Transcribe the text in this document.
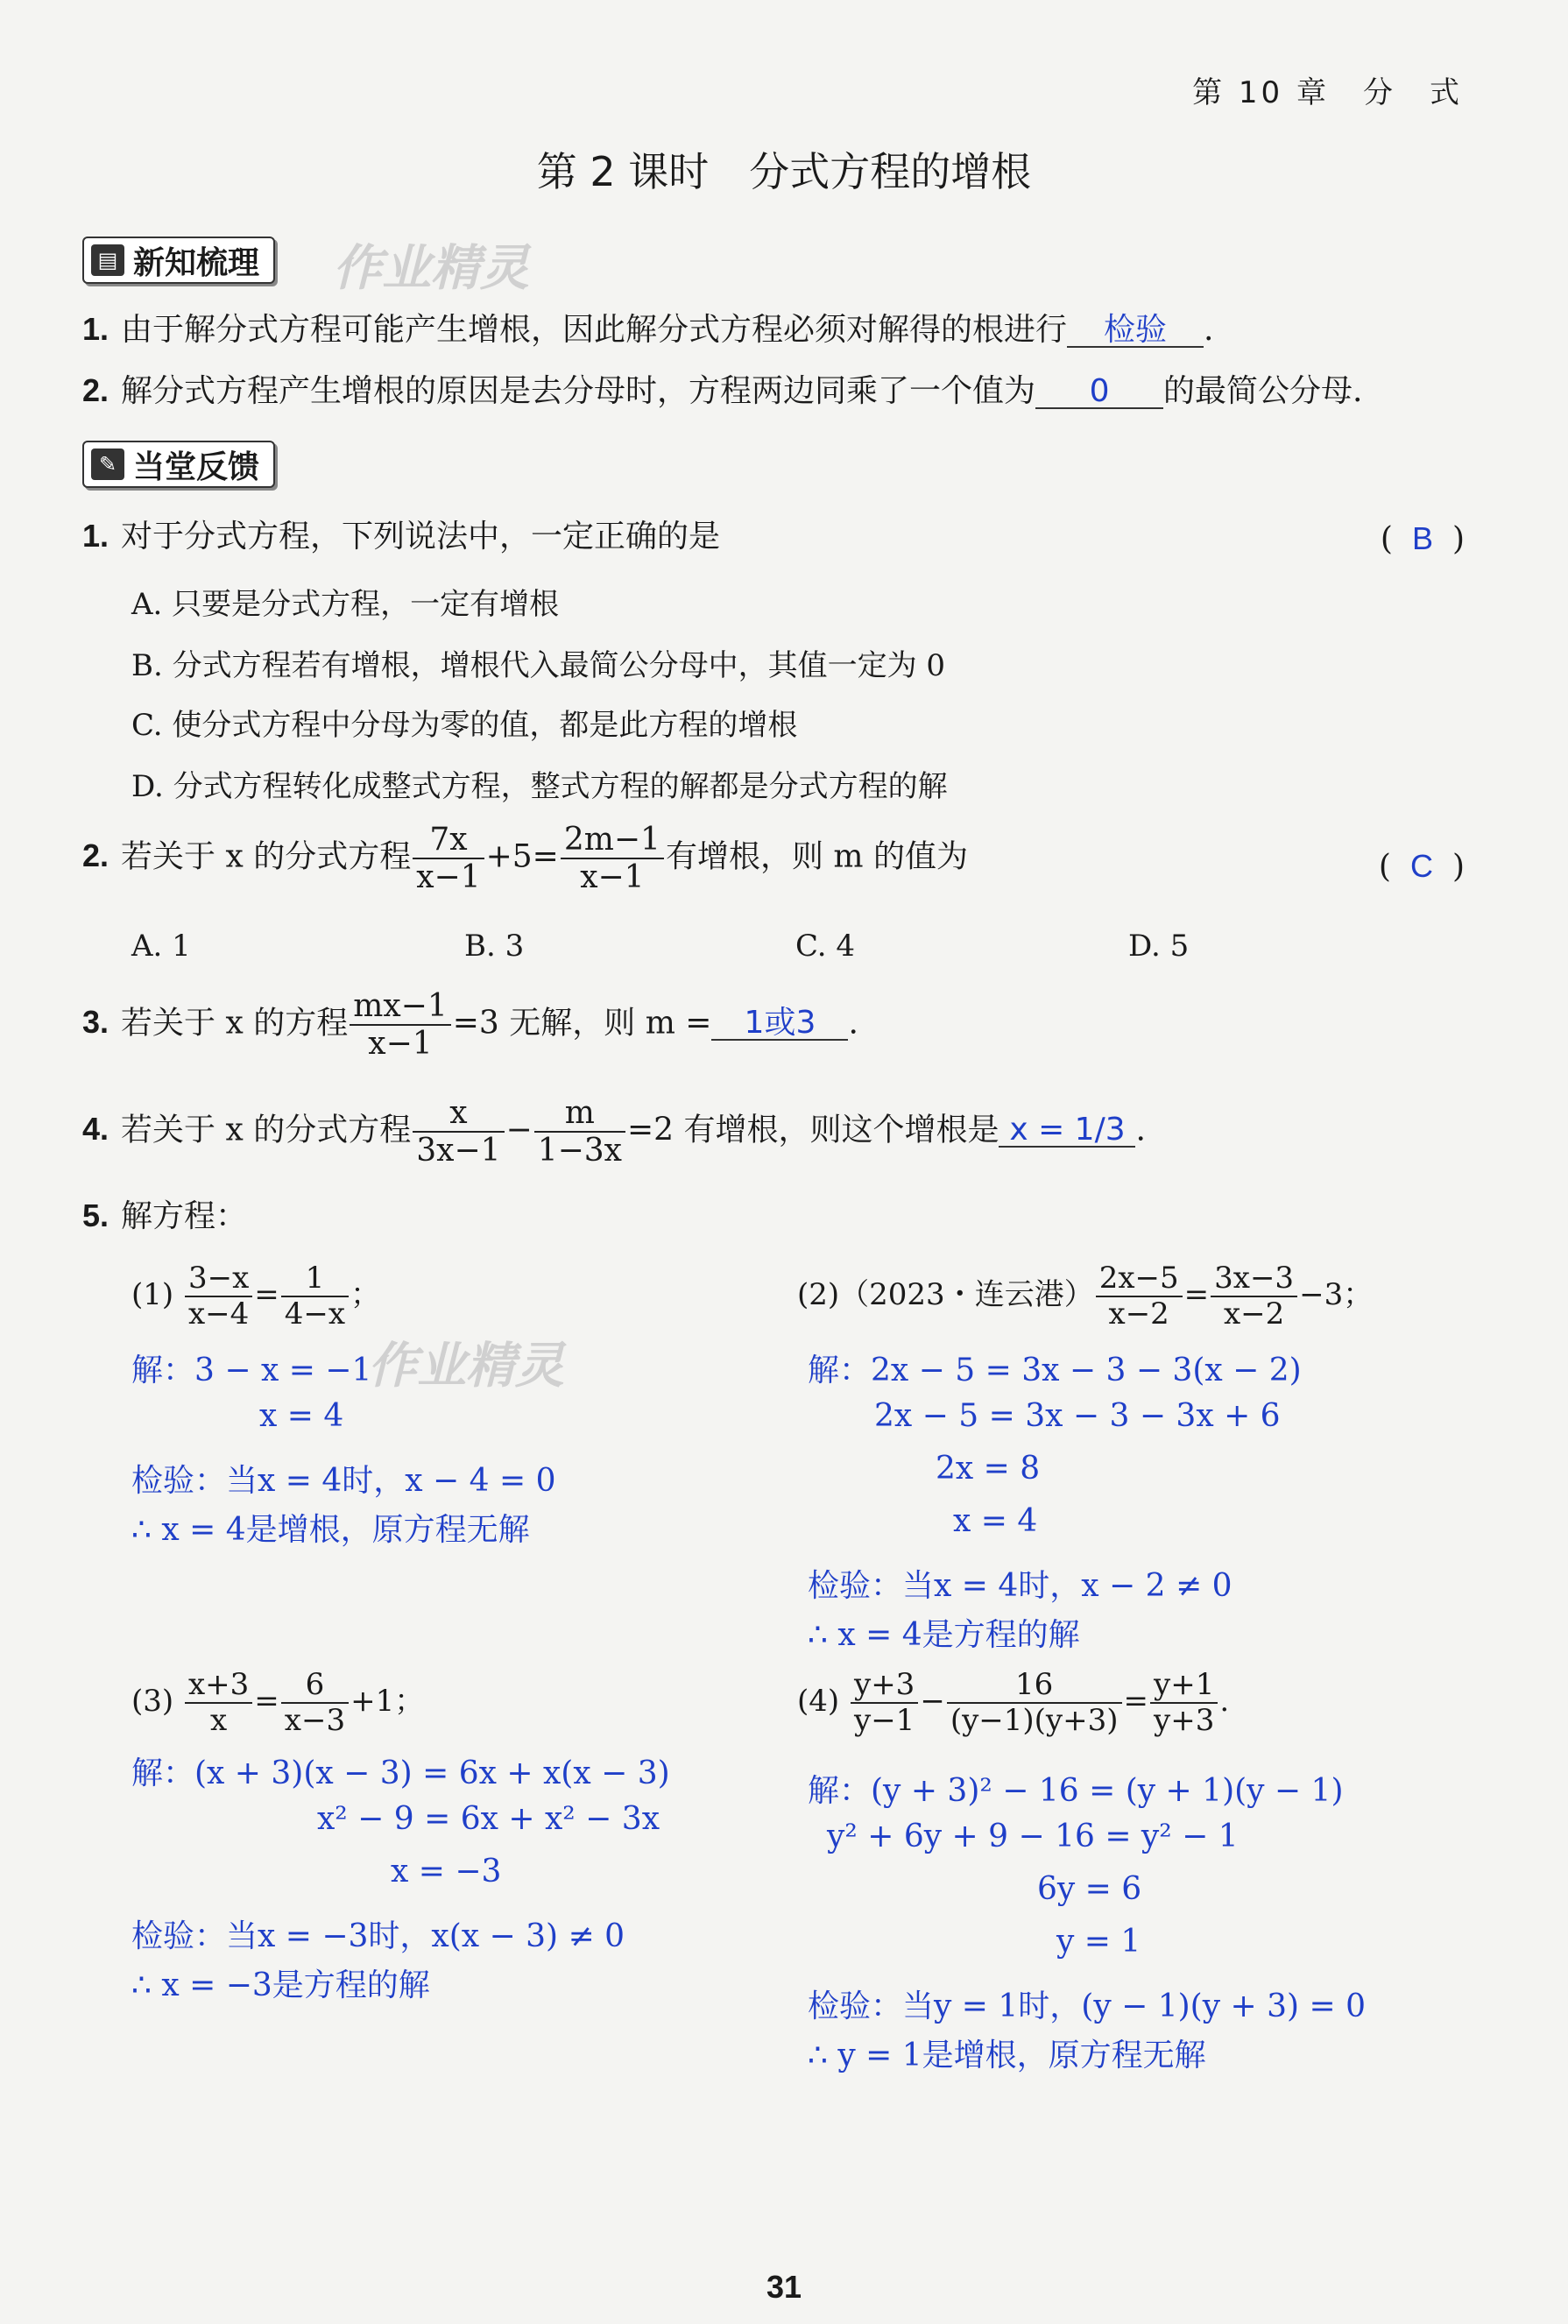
第 10 章　分　式
第 2 课时　分式方程的增根
▤ 新知梳理 作业精灵
1. 由于解分式方程可能产生增根，因此解分式方程必须对解得的根进行 检验 .
2. 解分式方程产生增根的原因是去分母时，方程两边同乘了一个值为 0 的最简公分母.
✎ 当堂反馈
1. 对于分式方程，下列说法中，一定正确的是	( B )
A. 只要是分式方程，一定有增根
B. 分式方程若有增根，增根代入最简公分母中，其值一定为 0
C. 使分式方程中分母为零的值，都是此方程的增根
D. 分式方程转化成整式方程，整式方程的解都是分式方程的解
2. 若关于 x 的分式方程 $\frac{7x}{x-1} +5= \frac{2m-1}{x-1}$ 有增根，则 m 的值为	( C )
A. 1	B. 3	C. 4	D. 5
3. 若关于 x 的方程 $\frac{mx-1}{x-1} =3$ 无解，则 m = 1或3 .
4. 若关于 x 的分式方程 $\frac{x}{3x-1} - \frac{m}{1-3x} =2$ 有增根，则这个增根是 x = 1/3 .
5. 解方程：
$(1) \frac{3-x}{x-4} = \frac{1}{4-x}$ ；
作业精灵
解：3 − x = −1
x = 4
检验：当x = 4时，x − 4 = 0
∴ x = 4是增根，原方程无解
(2)（2023・连云港） $\frac{2x-5}{x-2} = \frac{3x-3}{x-2} -3$；
解：2x − 5 = 3x − 3 − 3(x − 2)
2x − 5 = 3x − 3 − 3x + 6
2x = 8
x = 4
检验：当x = 4时，x − 2 ≠ 0
∴ x = 4是方程的解
$(3) \frac{x+3}{x} = \frac{6}{x-3} +1$；
解：(x + 3)(x − 3) = 6x + x(x − 3)
x² − 9 = 6x + x² − 3x
x = −3
检验：当x = −3时，x(x − 3) ≠ 0
∴ x = −3是方程的解
$(4) \frac{y+3}{y-1} - \frac{16}{(y-1)(y+3)} = \frac{y+1}{y+3}$ .
解：(y + 3)² − 16 = (y + 1)(y − 1)
y² + 6y + 9 − 16 = y² − 1
6y = 6
y = 1
检验：当y = 1时，(y − 1)(y + 3) = 0
∴ y = 1是增根，原方程无解
31
